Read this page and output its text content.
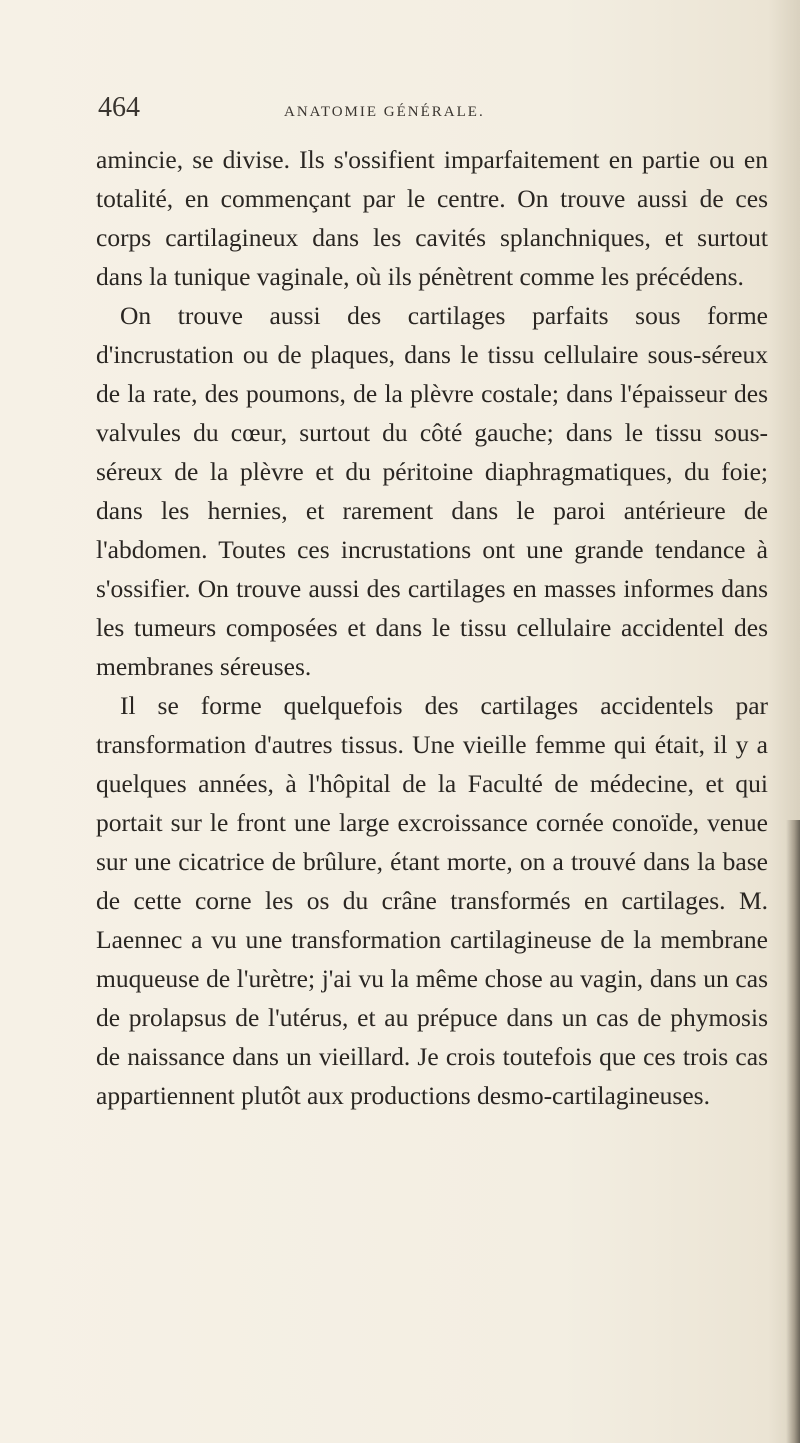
464	ANATOMIE GÉNÉRALE.

amincie, se divise. Ils s'ossifient imparfaitement en partie ou en totalité, en commençant par le centre. On trouve aussi de ces corps cartilagineux dans les cavités splanchniques, et surtout dans la tunique vaginale, où ils pénètrent comme les précédens.

On trouve aussi des cartilages parfaits sous forme d'incrustation ou de plaques, dans le tissu cellulaire sous-séreux de la rate, des poumons, de la plèvre costale; dans l'épaisseur des valvules du cœur, surtout du côté gauche; dans le tissu sous-séreux de la plèvre et du péritoine diaphragmatiques, du foie; dans les hernies, et rarement dans le paroi antérieure de l'abdomen. Toutes ces incrustations ont une grande tendance à s'ossifier. On trouve aussi des cartilages en masses informes dans les tumeurs composées et dans le tissu cellulaire accidentel des membranes séreuses.

Il se forme quelquefois des cartilages accidentels par transformation d'autres tissus. Une vieille femme qui était, il y a quelques années, à l'hôpital de la Faculté de médecine, et qui portait sur le front une large excroissance cornée conoïde, venue sur une cicatrice de brûlure, étant morte, on a trouvé dans la base de cette corne les os du crâne transformés en cartilages. M. Laennec a vu une transformation cartilagineuse de la membrane muqueuse de l'urètre; j'ai vu la même chose au vagin, dans un cas de prolapsus de l'utérus, et au prépuce dans un cas de phymosis de naissance dans un vieillard. Je crois toutefois que ces trois cas appartiennent plutôt aux productions desmo-cartilagineuses.
